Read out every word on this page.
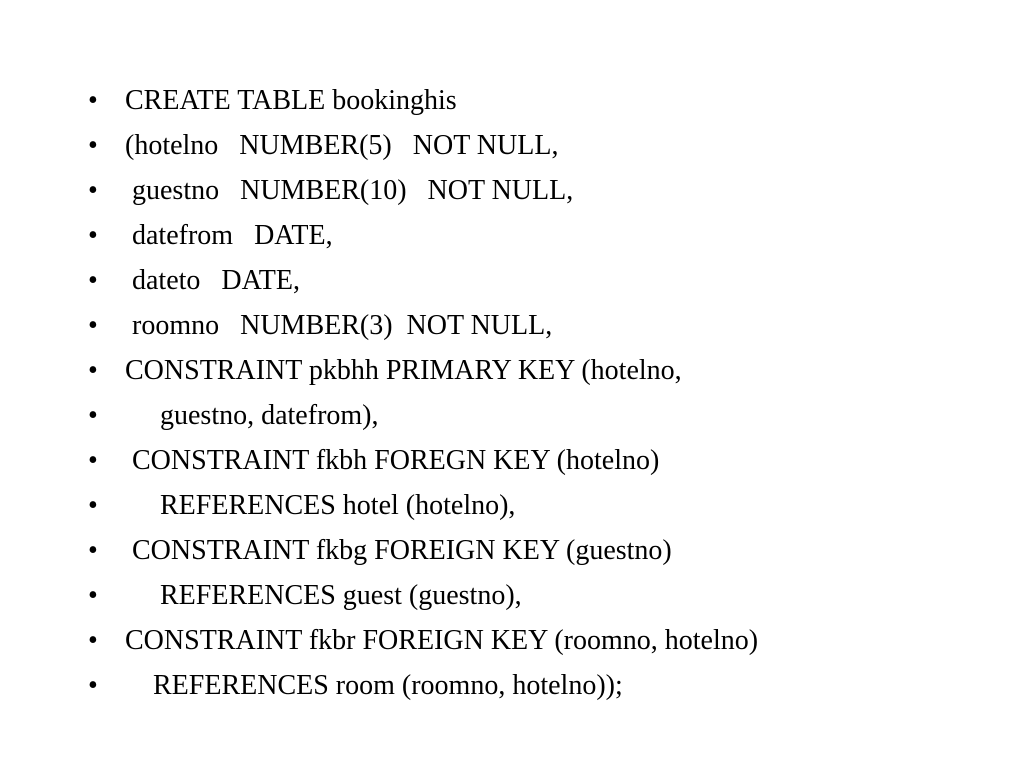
• CREATE TABLE bookinghis
• (hotelno   NUMBER(5)   NOT NULL,
• guestno   NUMBER(10)   NOT NULL,
• datefrom   DATE,
• dateto   DATE,
• roomno   NUMBER(3)  NOT NULL,
• CONSTRAINT pkbhh PRIMARY KEY (hotelno,
• guestno, datefrom),
• CONSTRAINT fkbh FOREGN KEY (hotelno)
• REFERENCES hotel (hotelno),
• CONSTRAINT fkbg FOREIGN KEY (guestno)
• REFERENCES guest (guestno),
• CONSTRAINT fkbr FOREIGN KEY (roomno, hotelno)
• REFERENCES room (roomno, hotelno));
